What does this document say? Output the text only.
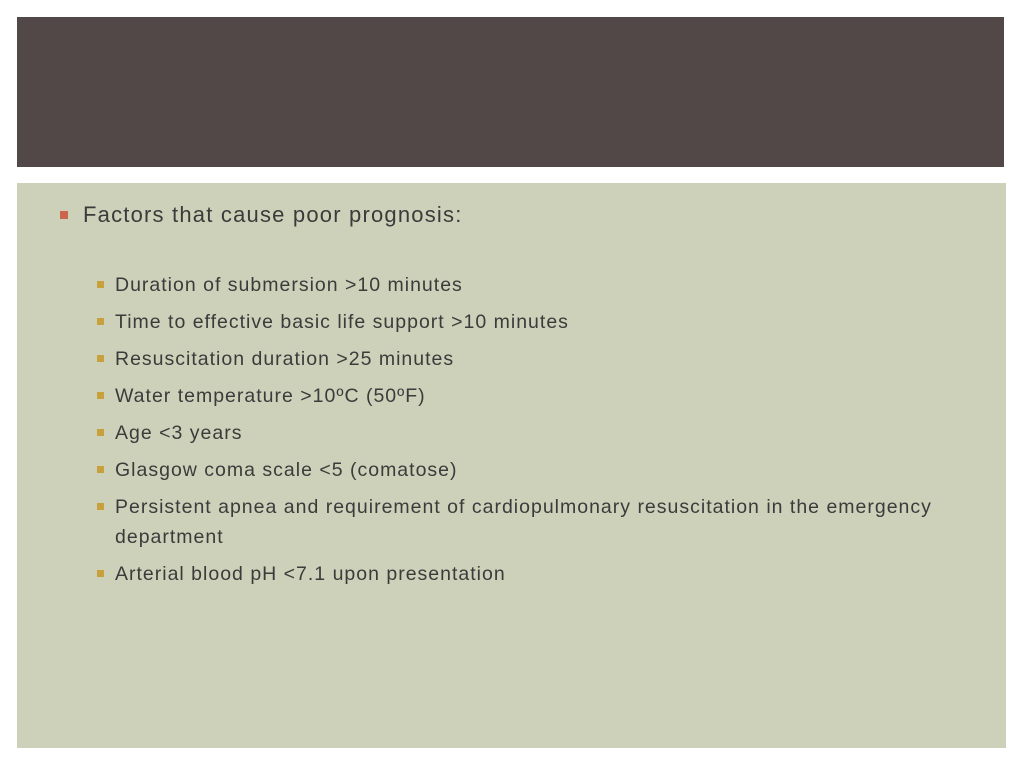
Factors that cause poor prognosis:
Duration of submersion >10 minutes
Time to effective basic life support >10 minutes
Resuscitation duration >25 minutes
Water temperature >10ºC (50ºF)
Age <3 years
Glasgow coma scale <5 (comatose)
Persistent apnea and requirement of cardiopulmonary resuscitation in the emergency department
Arterial blood pH <7.1 upon presentation
